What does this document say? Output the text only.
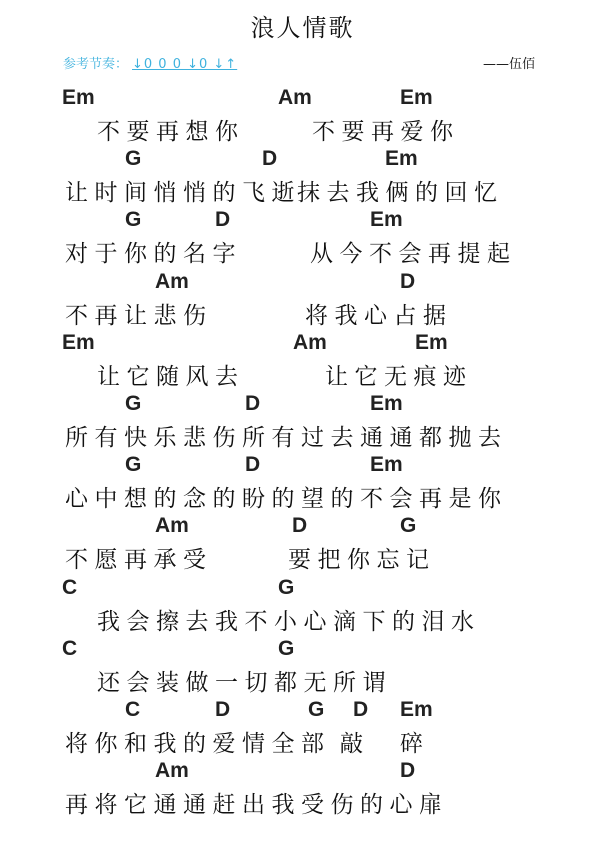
浪人情歌
参考节奏： ↓0 0 0 ↓0 ↓↑	——伍佰
Em	Am	Em
不要再想你	不要再爱你
G	D	Em
让时间悄悄的飞逝
抹去我俩的回忆
G	D	Em
对于你的名字	从今不会再提起
Am	D
不再让悲伤	将我心占据
Em	Am	Em
让它随风去	让它无痕迹
G	D	Em
所有快乐悲伤所有过去通通都抛去
G	D	Em
心中想的念的盼的望的不会再是你
Am	D	G
不愿再承受	要把你忘记
C	G
我会擦去我不小心滴下的泪水
C	G
还会装做一切都无所谓
C	D	G D Em
将你和我的爱情全部 敲 碎
Am	D
再将它通通赶出我受伤的心扉
